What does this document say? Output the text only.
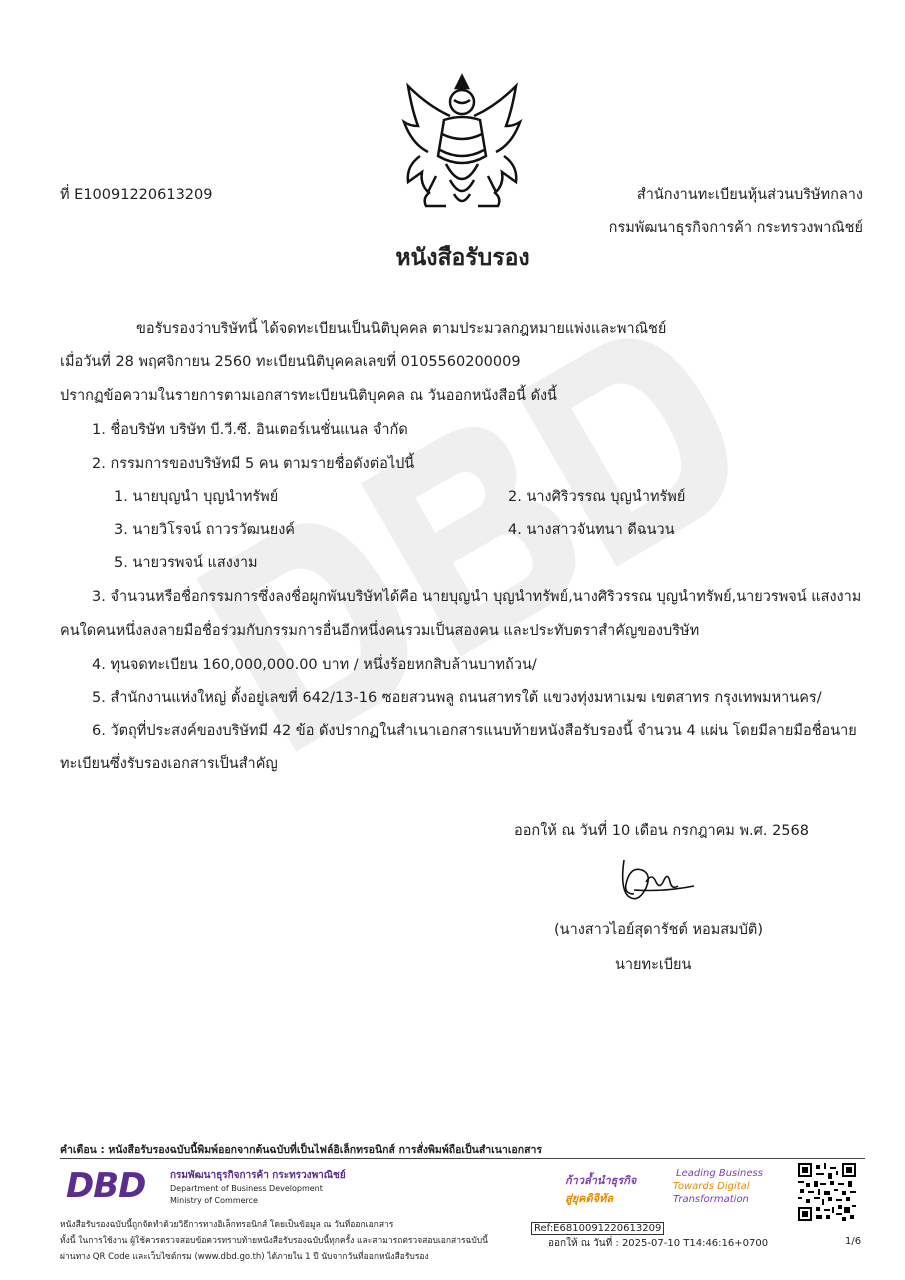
ที่ E10091220613209	สำนักงานทะเบียนหุ้นส่วนบริษัทกลาง
กรมพัฒนาธุรกิจการค้า กระทรวงพาณิชย์
หนังสือรับรอง
ขอรับรองว่าบริษัทนี้ ได้จดทะเบียนเป็นนิติบุคคล ตามประมวลกฎหมายแพ่งและพาณิชย์
เมื่อวันที่ 28 พฤศจิกายน 2560 ทะเบียนนิติบุคคลเลขที่ 0105560200009
ปรากฏข้อความในรายการตามเอกสารทะเบียนนิติบุคคล ณ วันออกหนังสือนี้ ดังนี้
1. ชื่อบริษัท บริษัท บี.วี.ซี. อินเตอร์เนชั่นแนล จำกัด
2. กรรมการของบริษัทมี 5 คน ตามรายชื่อดังต่อไปนี้
1. นายบุญนำ บุญนำทรัพย์	2. นางศิริวรรณ บุญนำทรัพย์
3. นายวิโรจน์ ถาวรวัฒนยงค์	4. นางสาวจันทนา ดีฉนวน
5. นายวรพจน์ แสงงาม
3. จำนวนหรือชื่อกรรมการซึ่งลงชื่อผูกพันบริษัทได้คือ นายบุญนำ บุญนำทรัพย์,นางศิริวรรณ บุญนำทรัพย์,นายวรพจน์ แสงงาม
คนใดคนหนึ่งลงลายมือชื่อร่วมกับกรรมการอื่นอีกหนึ่งคนรวมเป็นสองคน และประทับตราสำคัญของบริษัท
4. ทุนจดทะเบียน 160,000,000.00 บาท / หนึ่งร้อยหกสิบล้านบาทถ้วน/
5. สำนักงานแห่งใหญ่ ตั้งอยู่เลขที่ 642/13-16 ซอยสวนพลู ถนนสาทรใต้ แขวงทุ่งมหาเมฆ เขตสาทร กรุงเทพมหานคร/
6. วัตถุที่ประสงค์ของบริษัทมี 42 ข้อ ดังปรากฏในสำเนาเอกสารแนบท้ายหนังสือรับรองนี้ จำนวน 4 แผ่น โดยมีลายมือชื่อนาย
ทะเบียนซึ่งรับรองเอกสารเป็นสำคัญ
ออกให้ ณ วันที่ 10 เดือน กรกฎาคม พ.ศ. 2568
(นางสาวไอย์สุดารัชต์ หอมสมบัติ)
นายทะเบียน
คำเตือน : หนังสือรับรองฉบับนี้พิมพ์ออกจากต้นฉบับที่เป็นไฟล์อิเล็กทรอนิกส์ การสั่งพิมพ์ถือเป็นสำเนาเอกสาร
DBD กรมพัฒนาธุรกิจการค้า กระทรวงพาณิชย์
Department of Business Development
Ministry of Commerce
ก้าวล้ำนำธุรกิจ
สู่ยุคดิจิทัล
Leading Business
Towards Digital
Transformation
หนังสือรับรองฉบับนี้ถูกจัดทำด้วยวิธีการทางอิเล็กทรอนิกส์ โดยเป็นข้อมูล ณ วันที่ออกเอกสาร
ทั้งนี้ ในการใช้งาน ผู้ใช้ควรตรวจสอบข้อควรทราบท้ายหนังสือรับรองฉบับนี้ทุกครั้ง และสามารถตรวจสอบเอกสารฉบับนี้
ผ่านทาง QR Code และเว็บไซต์กรม (www.dbd.go.th) ได้ภายใน 1 ปี นับจากวันที่ออกหนังสือรับรอง
Ref:E6810091220613209
ออกให้ ณ วันที่ : 2025-07-10 T14:46:16+0700	1/6
